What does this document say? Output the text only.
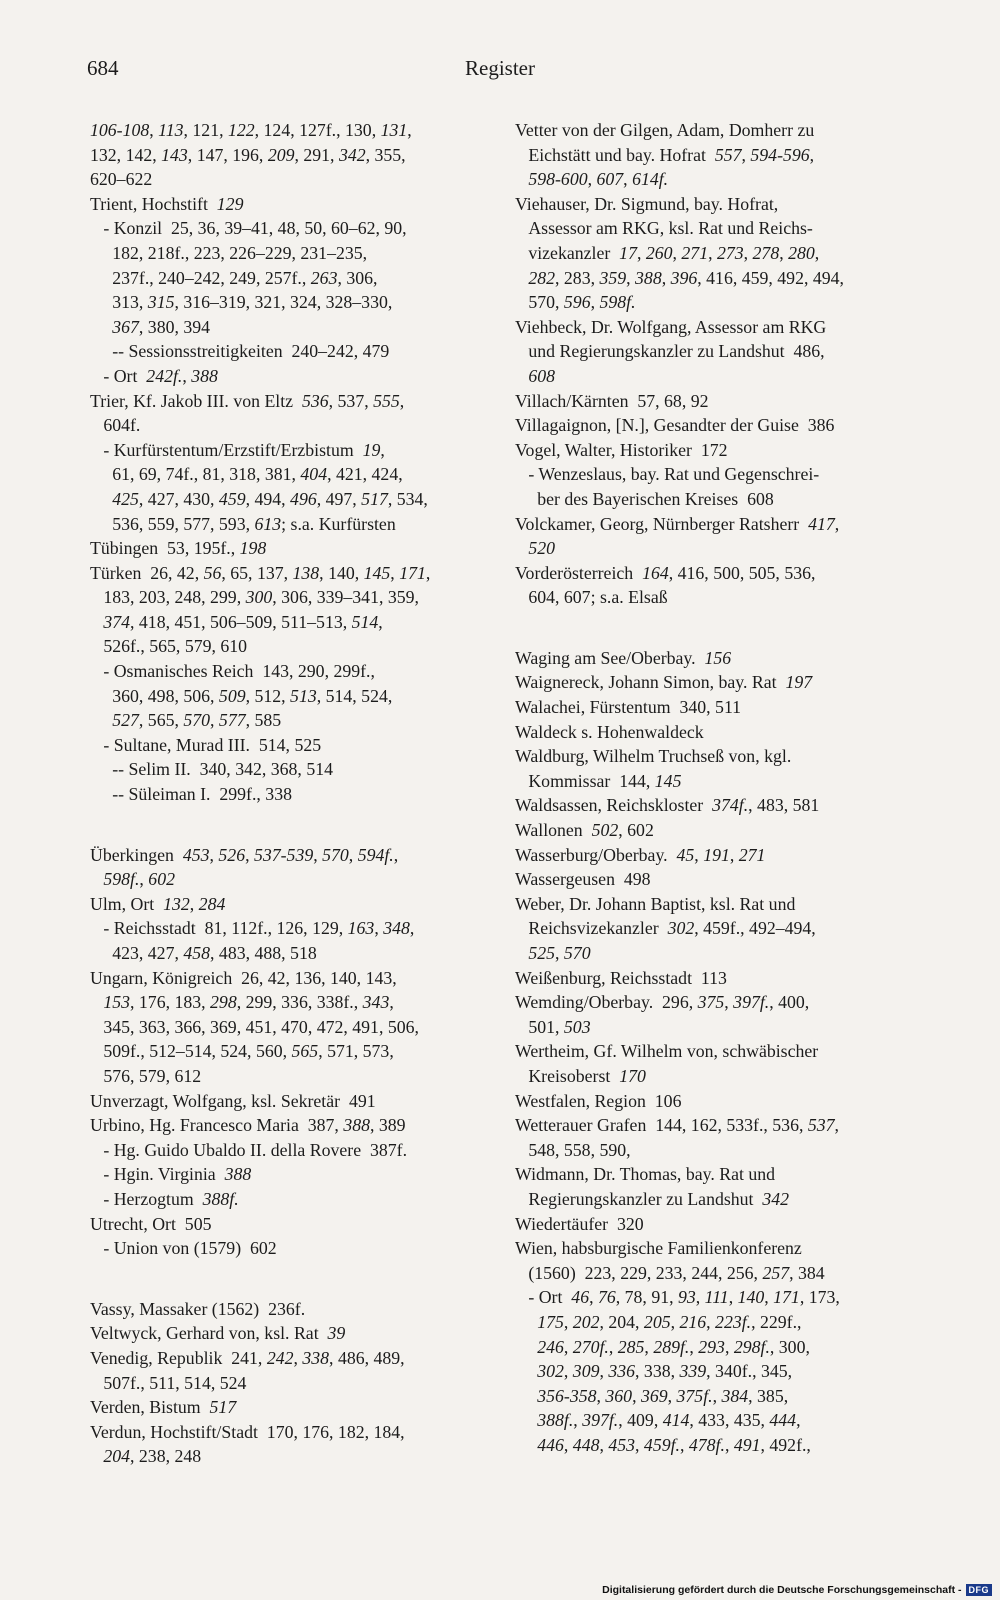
684	Register
106-108, 113, 121, 122, 124, 127f., 130, 131,
132, 142, 143, 147, 196, 209, 291, 342, 355,
620–622
Trient, Hochstift  129
- Konzil  25, 36, 39–41, 48, 50, 60–62, 90,
182, 218f., 223, 226–229, 231–235,
237f., 240–242, 249, 257f., 263, 306,
313, 315, 316–319, 321, 324, 328–330,
367, 380, 394
-- Sessionsstreitigkeiten  240–242, 479
- Ort  242f., 388
Trier, Kf. Jakob III. von Eltz  536, 537, 555,
604f.
- Kurfürstentum/Erzstift/Erzbistum  19,
61, 69, 74f., 81, 318, 381, 404, 421, 424,
425, 427, 430, 459, 494, 496, 497, 517, 534,
536, 559, 577, 593, 613; s.a. Kurfürsten
Tübingen  53, 195f., 198
Türken  26, 42, 56, 65, 137, 138, 140, 145, 171,
183, 203, 248, 299, 300, 306, 339–341, 359,
374, 418, 451, 506–509, 511–513, 514,
526f., 565, 579, 610
- Osmanisches Reich  143, 290, 299f.,
360, 498, 506, 509, 512, 513, 514, 524,
527, 565, 570, 577, 585
- Sultane, Murad III.  514, 525
-- Selim II.  340, 342, 368, 514
-- Süleiman I.  299f., 338
Überkingen  453, 526, 537-539, 570, 594f.,
598f., 602
Ulm, Ort  132, 284
- Reichsstadt  81, 112f., 126, 129, 163, 348,
423, 427, 458, 483, 488, 518
Ungarn, Königreich  26, 42, 136, 140, 143,
153, 176, 183, 298, 299, 336, 338f., 343,
345, 363, 366, 369, 451, 470, 472, 491, 506,
509f., 512–514, 524, 560, 565, 571, 573,
576, 579, 612
Unverzagt, Wolfgang, ksl. Sekretär  491
Urbino, Hg. Francesco Maria  387, 388, 389
- Hg. Guido Ubaldo II. della Rovere  387f.
- Hgin. Virginia  388
- Herzogtum  388f.
Utrecht, Ort  505
- Union von (1579)  602
Vassy, Massaker (1562)  236f.
Veltwyck, Gerhard von, ksl. Rat  39
Venedig, Republik  241, 242, 338, 486, 489,
507f., 511, 514, 524
Verden, Bistum  517
Verdun, Hochstift/Stadt  170, 176, 182, 184,
204, 238, 248
Vetter von der Gilgen, Adam, Domherr zu
Eichstätt und bay. Hofrat  557, 594-596,
598-600, 607, 614f.
Viehauser, Dr. Sigmund, bay. Hofrat,
Assessor am RKG, ksl. Rat und Reichs-
vizekanzler  17, 260, 271, 273, 278, 280,
282, 283, 359, 388, 396, 416, 459, 492, 494,
570, 596, 598f.
Viehbeck, Dr. Wolfgang, Assessor am RKG
und Regierungskanzler zu Landshut  486,
608
Villach/Kärnten  57, 68, 92
Villagaignon, [N.], Gesandter der Guise  386
Vogel, Walter, Historiker  172
- Wenzeslaus, bay. Rat und Gegenschrei-
ber des Bayerischen Kreises  608
Volckamer, Georg, Nürnberger Ratsherr  417,
520
Vorderösterreich  164, 416, 500, 505, 536,
604, 607; s.a. Elsaß
Waging am See/Oberbay.  156
Waignereck, Johann Simon, bay. Rat  197
Walachei, Fürstentum  340, 511
Waldeck s. Hohenwaldeck
Waldburg, Wilhelm Truchseß von, kgl.
Kommissar  144, 145
Waldsassen, Reichskloster  374f., 483, 581
Wallonen  502, 602
Wasserburg/Oberbay.  45, 191, 271
Wassergeusen  498
Weber, Dr. Johann Baptist, ksl. Rat und
Reichsvizekanzler  302, 459f., 492–494,
525, 570
Weißenburg, Reichsstadt  113
Wemding/Oberbay.  296, 375, 397f., 400,
501, 503
Wertheim, Gf. Wilhelm von, schwäbischer
Kreisoberst  170
Westfalen, Region  106
Wetterauer Grafen  144, 162, 533f., 536, 537,
548, 558, 590,
Widmann, Dr. Thomas, bay. Rat und
Regierungskanzler zu Landshut  342
Wiedertäufer  320
Wien, habsburgische Familienkonferenz
(1560)  223, 229, 233, 244, 256, 257, 384
- Ort  46, 76, 78, 91, 93, 111, 140, 171, 173,
175, 202, 204, 205, 216, 223f., 229f.,
246, 270f., 285, 289f., 293, 298f., 300,
302, 309, 336, 338, 339, 340f., 345,
356-358, 360, 369, 375f., 384, 385,
388f., 397f., 409, 414, 433, 435, 444,
446, 448, 453, 459f., 478f., 491, 492f.,
Digitalisierung gefördert durch die Deutsche Forschungsgemeinschaft - DFG
